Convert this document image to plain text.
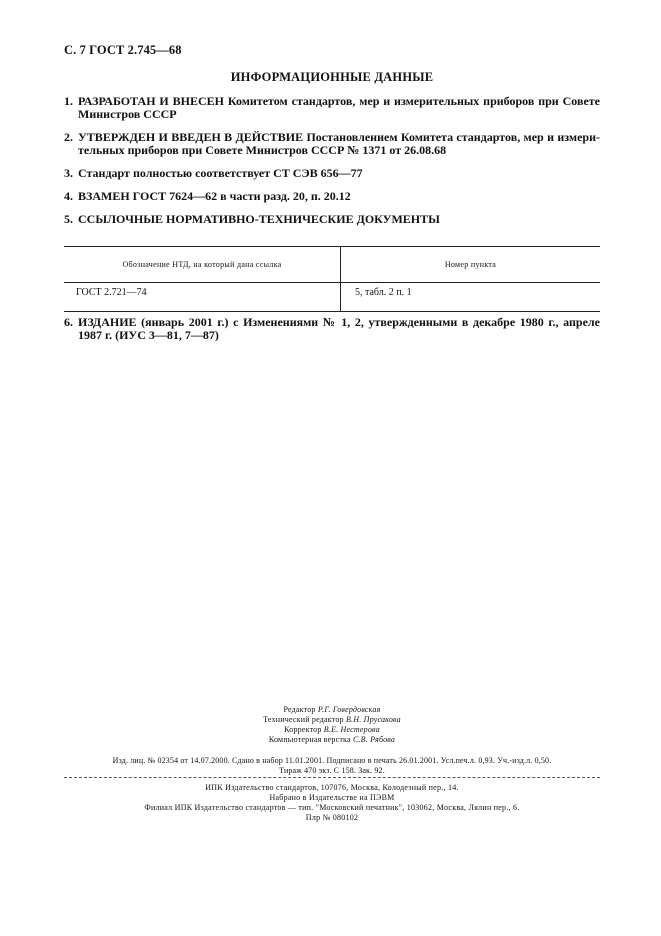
С. 7 ГОСТ 2.745—68
ИНФОРМАЦИОННЫЕ ДАННЫЕ
1. РАЗРАБОТАН И ВНЕСЕН Комитетом стандартов, мер и измерительных приборов при Совете Министров СССР
2. УТВЕРЖДЕН И ВВЕДЕН В ДЕЙСТВИЕ Постановлением Комитета стандартов, мер и измерительных приборов при Совете Министров СССР № 1371 от 26.08.68
3. Стандарт полностью соответствует СТ СЭВ 656—77
4. ВЗАМЕН ГОСТ 7624—62 в части разд. 20, п. 20.12
5. ССЫЛОЧНЫЕ НОРМАТИВНО-ТЕХНИЧЕСКИЕ ДОКУМЕНТЫ
Обозначение НТД, на который дана ссылка	Номер пункта
ГОСТ 2.721—74	5, табл. 2 п. 1
6. ИЗДАНИЕ (январь 2001 г.) с Изменениями № 1, 2, утвержденными в декабре 1980 г., апреле 1987 г. (ИУС 3—81, 7—87)
Редактор Р.Г. Говердовская
Технический редактор В.Н. Прусакова
Корректор В.Е. Нестерова
Компьютерная верстка С.В. Рябова
Изд. лиц. № 02354 от 14.07.2000. Сдано в набор 11.01.2001. Подписано в печать 26.01.2001. Усл.печ.л. 0,93. Уч.-изд.л. 0,50.
Тираж 470 экз. С 158. Зак. 92.
ИПК Издательство стандартов, 107076, Москва, Колодезный пер., 14.
Набрано в Издательстве на ПЭВМ
Филиал ИПК Издательство стандартов — тип. "Московский печатник", 103062, Москва, Лялин пер., 6.
Плр № 080102
